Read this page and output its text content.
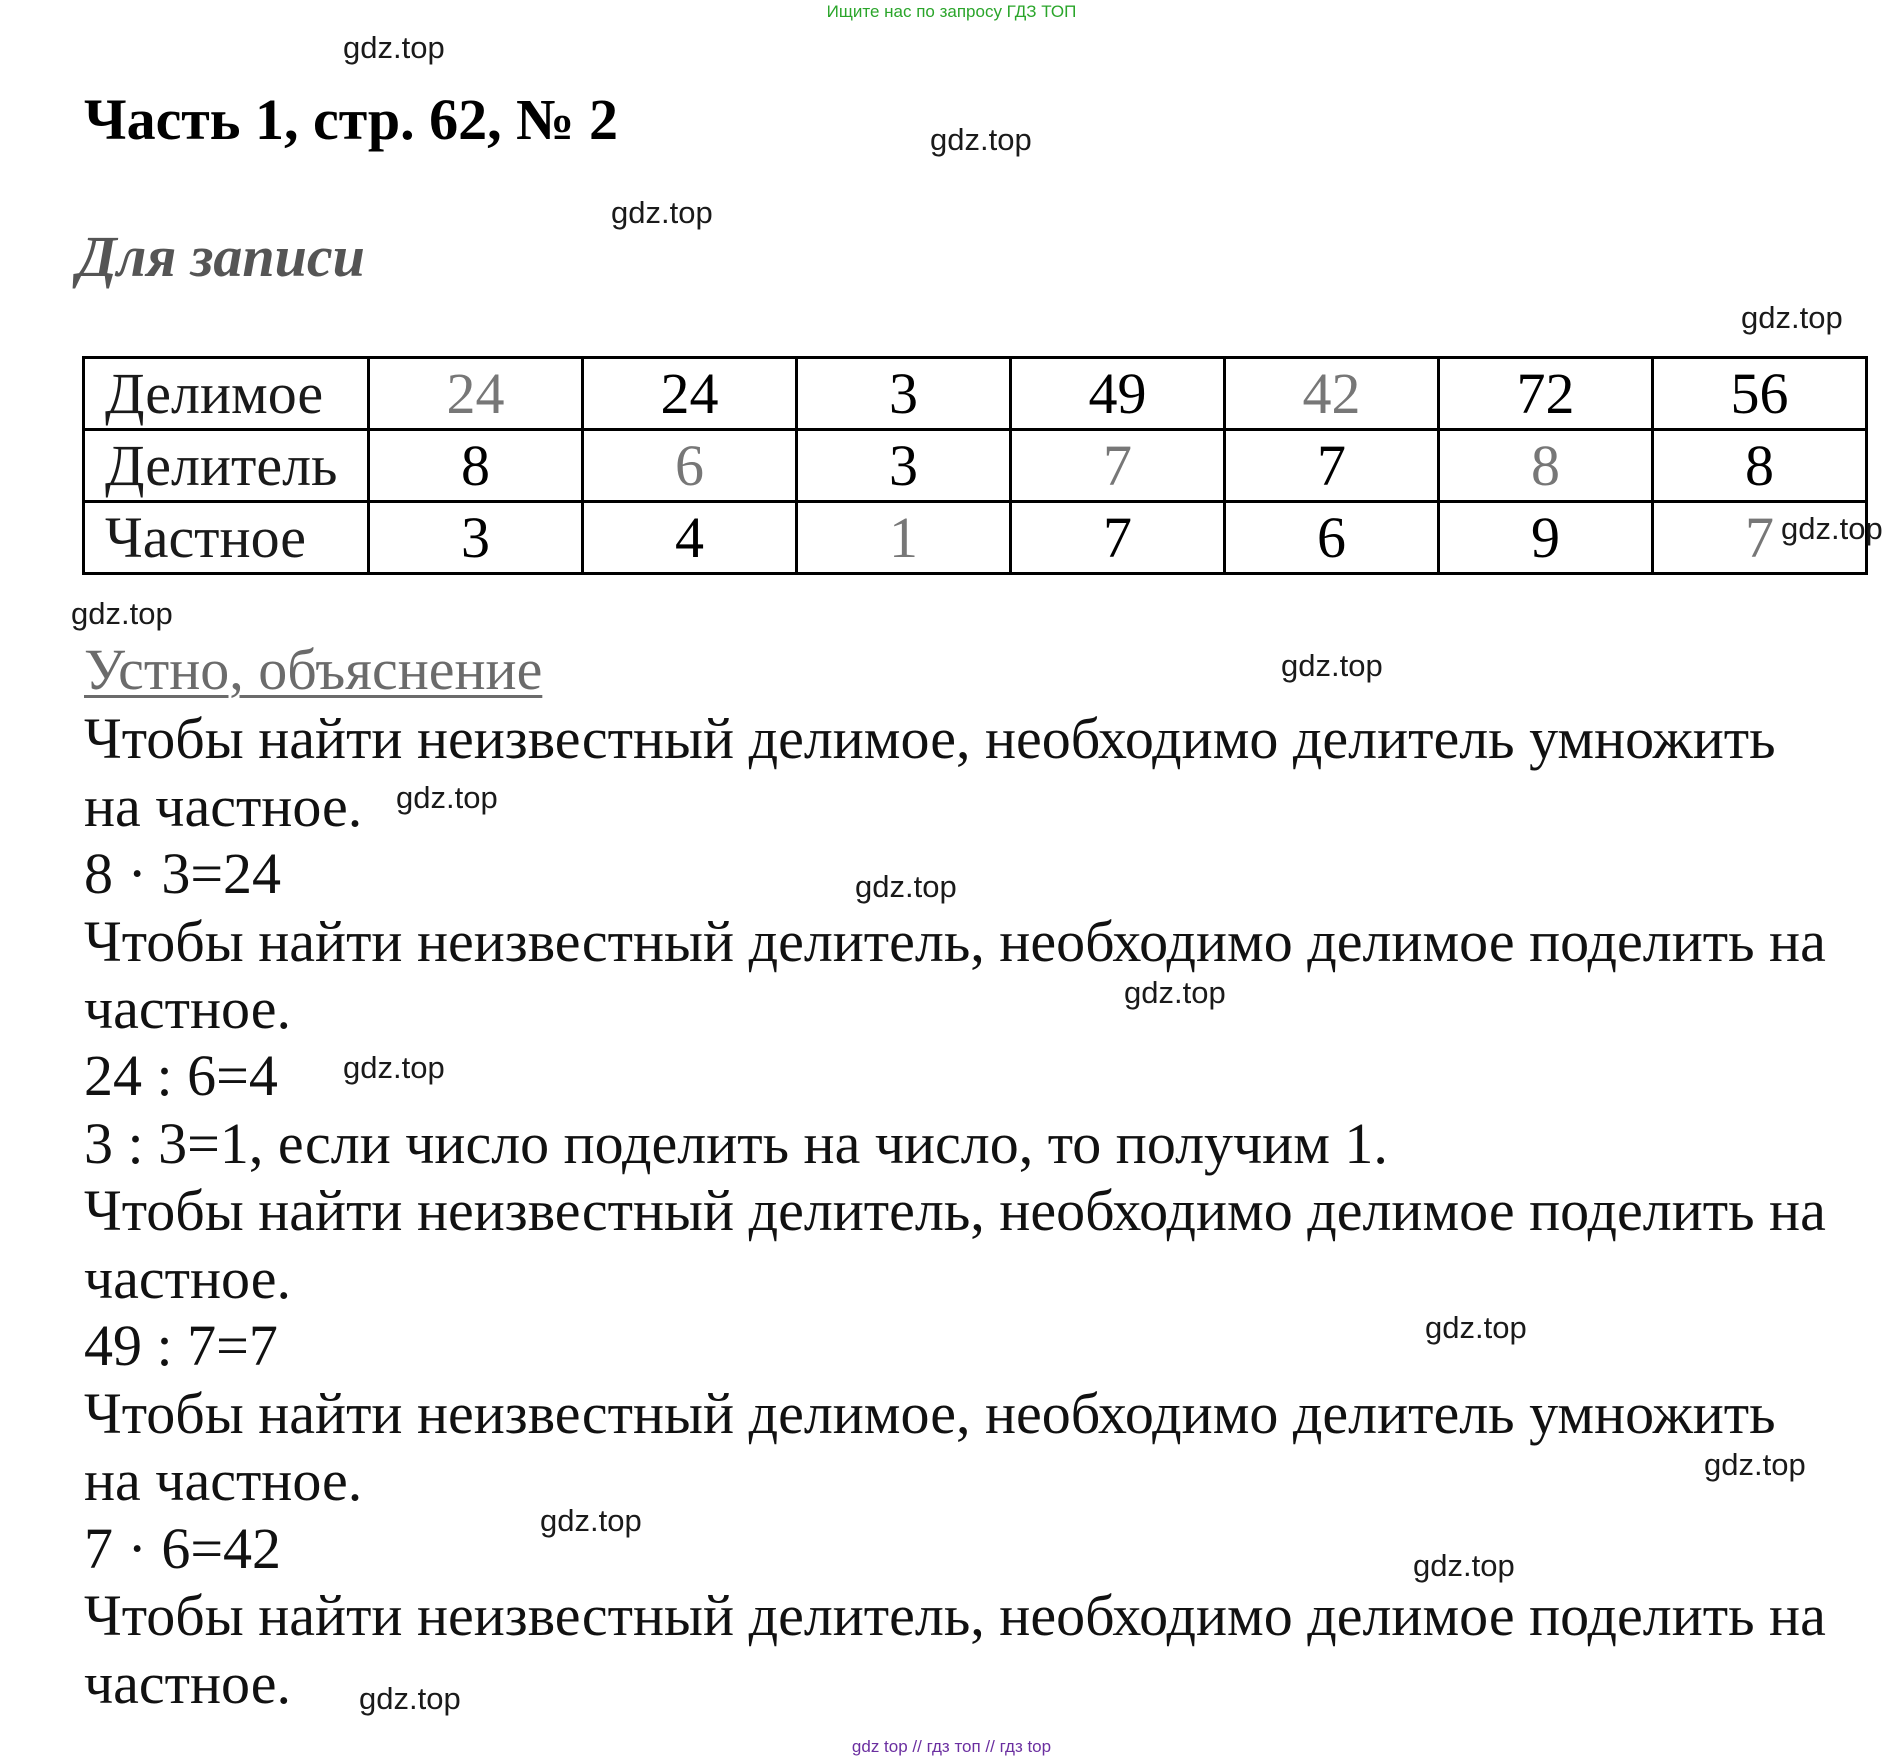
Ищите нас по запросу ГДЗ ТОП
Часть 1, стр. 62, № 2
Для записи
Делимое	24	24	3	49	42	72	56
Делитель	8	6	3	7	7	8	8
Частное	3	4	1	7	6	9	7
Устно, объяснение
Чтобы найти неизвестный делимое, необходимо делитель умножить
на частное.
8 · 3=24
Чтобы найти неизвестный делитель, необходимо делимое поделить на
частное.
24 : 6=4
3 : 3=1, если число поделить на число, то получим 1.
Чтобы найти неизвестный делитель, необходимо делимое поделить на
частное.
49 : 7=7
Чтобы найти неизвестный делимое, необходимо делитель умножить
на частное.
7 · 6=42
Чтобы найти неизвестный делитель, необходимо делимое поделить на
частное.
gdz.top
gdz.top
gdz.top
gdz.top
gdz.top
gdz.top
gdz.top
gdz.top
gdz.top
gdz.top
gdz.top
gdz.top
gdz.top
gdz.top
gdz.top
gdz.top
gdz top // гдз топ // гдз top
